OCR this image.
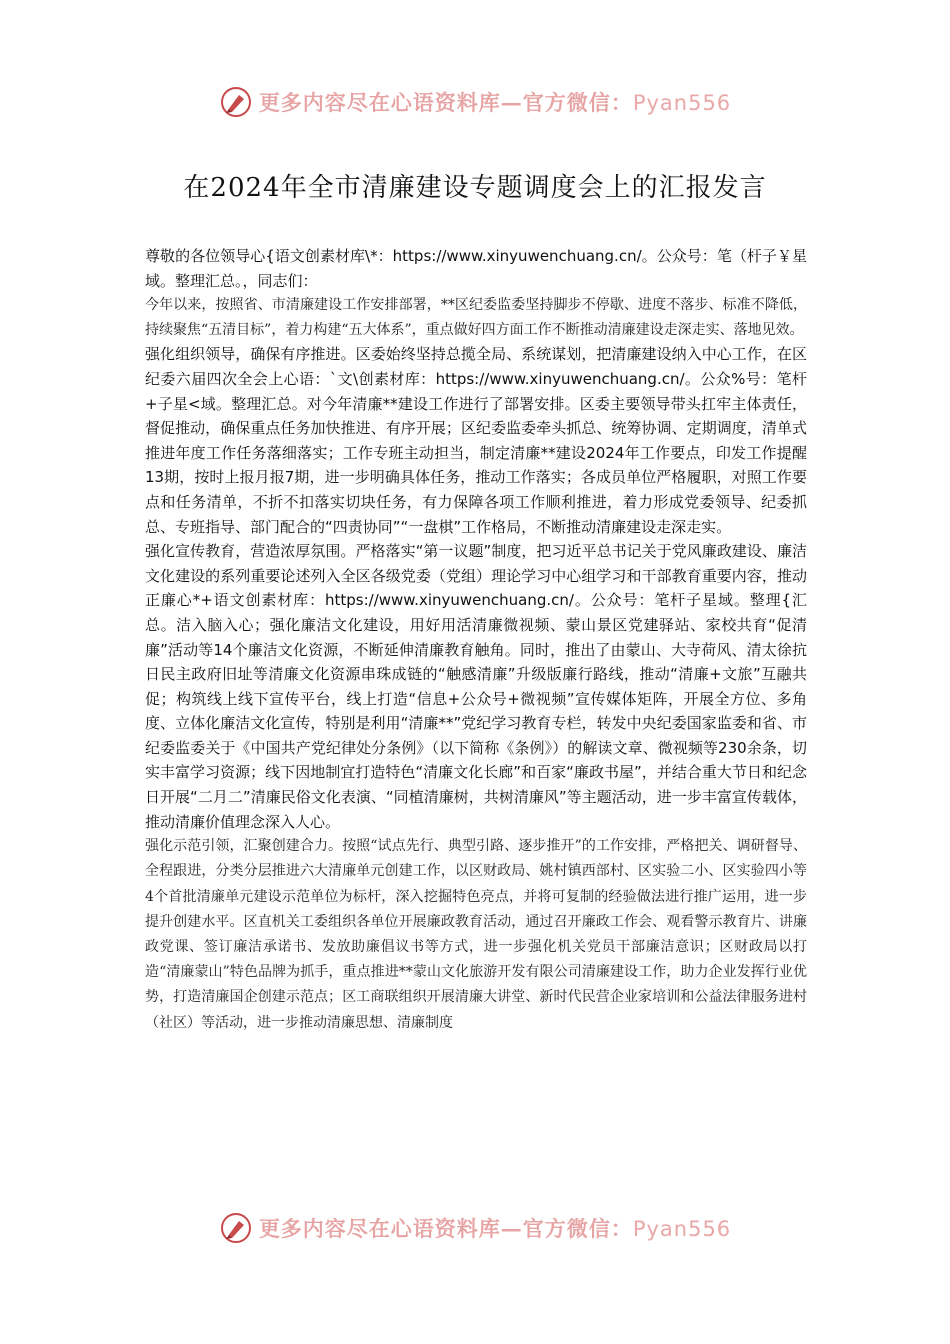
更多内容尽在心语资料库—官方微信：Pyan556
在2024年全市清廉建设专题调度会上的汇报发言

尊敬的各位领导心{语文创素材库\*：https://www.xinyuwenchuang.cn/。公众号：笔（杆子￥星域。整理汇总。，同志们：

今年以来，按照省、市清廉建设工作安排部署，**区纪委监委坚持脚步不停歇、进度不落步、标准不降低，持续聚焦“五清目标”，着力构建“五大体系”，重点做好四方面工作不断推动清廉建设走深走实、落地见效。

强化组织领导，确保有序推进。区委始终坚持总揽全局、系统谋划，把清廉建设纳入中心工作，在区纪委六届四次全会上心语：`文\创素材库：https://www.xinyuwenchuang.cn/。公众%号：笔杆+子星<域。整理汇总。对今年清廉**建设工作进行了部署安排。区委主要领导带头扛牢主体责任，督促推动，确保重点任务加快推进、有序开展；区纪委监委牵头抓总、统筹协调、定期调度，清单式推进年度工作任务落细落实；工作专班主动担当，制定清廉**建设2024年工作要点，印发工作提醒13期，按时上报月报7期，进一步明确具体任务，推动工作落实；各成员单位严格履职，对照工作要点和任务清单，不折不扣落实切块任务，有力保障各项工作顺利推进，着力形成党委领导、纪委抓总、专班指导、部门配合的“四责协同”“一盘棋”工作格局，不断推动清廉建设走深走实。

强化宣传教育，营造浓厚氛围。严格落实“第一议题”制度，把习近平总书记关于党风廉政建设、廉洁文化建设的系列重要论述列入全区各级党委（党组）理论学习中心组学习和干部教育重要内容，推动正廉心*+语文创素材库：https://www.xinyuwenchuang.cn/。公众号：笔杆子星域。整理{汇总。洁入脑入心；强化廉洁文化建设，用好用活清廉微视频、蒙山景区党建驿站、家校共育“促清廉”活动等14个廉洁文化资源，不断延伸清廉教育触角。同时，推出了由蒙山、大寺荷风、清太徐抗日民主政府旧址等清廉文化资源串珠成链的“触感清廉”升级版廉行路线，推动“清廉+文旅”互融共促；构筑线上线下宣传平台，线上打造“信息+公众号+微视频”宣传媒体矩阵，开展全方位、多角度、立体化廉洁文化宣传，特别是利用“清廉**”党纪学习教育专栏，转发中央纪委国家监委和省、市纪委监委关于《中国共产党纪律处分条例》（以下简称《条例》）的解读文章、微视频等230余条，切实丰富学习资源；线下因地制宜打造特色“清廉文化长廊”和百家“廉政书屋”，并结合重大节日和纪念日开展“二月二”清廉民俗文化表演、“同植清廉树，共树清廉风”等主题活动，进一步丰富宣传载体，推动清廉价值理念深入人心。

强化示范引领，汇聚创建合力。按照“试点先行、典型引路、逐步推开”的工作安排，严格把关、调研督导、全程跟进，分类分层推进六大清廉单元创建工作，以区财政局、姚村镇西部村、区实验二小、区实验四小等4个首批清廉单元建设示范单位为标杆，深入挖掘特色亮点，并将可复制的经验做法进行推广运用，进一步提升创建水平。区直机关工委组织各单位开展廉政教育活动，通过召开廉政工作会、观看警示教育片、讲廉政党课、签订廉洁承诺书、发放助廉倡议书等方式，进一步强化机关党员干部廉洁意识；区财政局以打造“清廉蒙山”特色品牌为抓手，重点推进**蒙山文化旅游开发有限公司清廉建设工作，助力企业发挥行业优势，打造清廉国企创建示范点；区工商联组织开展清廉大讲堂、新时代民营企业家培训和公益法律服务进村（社区）等活动，进一步推动清廉思想、清廉制度

更多内容尽在心语资料库—官方微信：Pyan556
